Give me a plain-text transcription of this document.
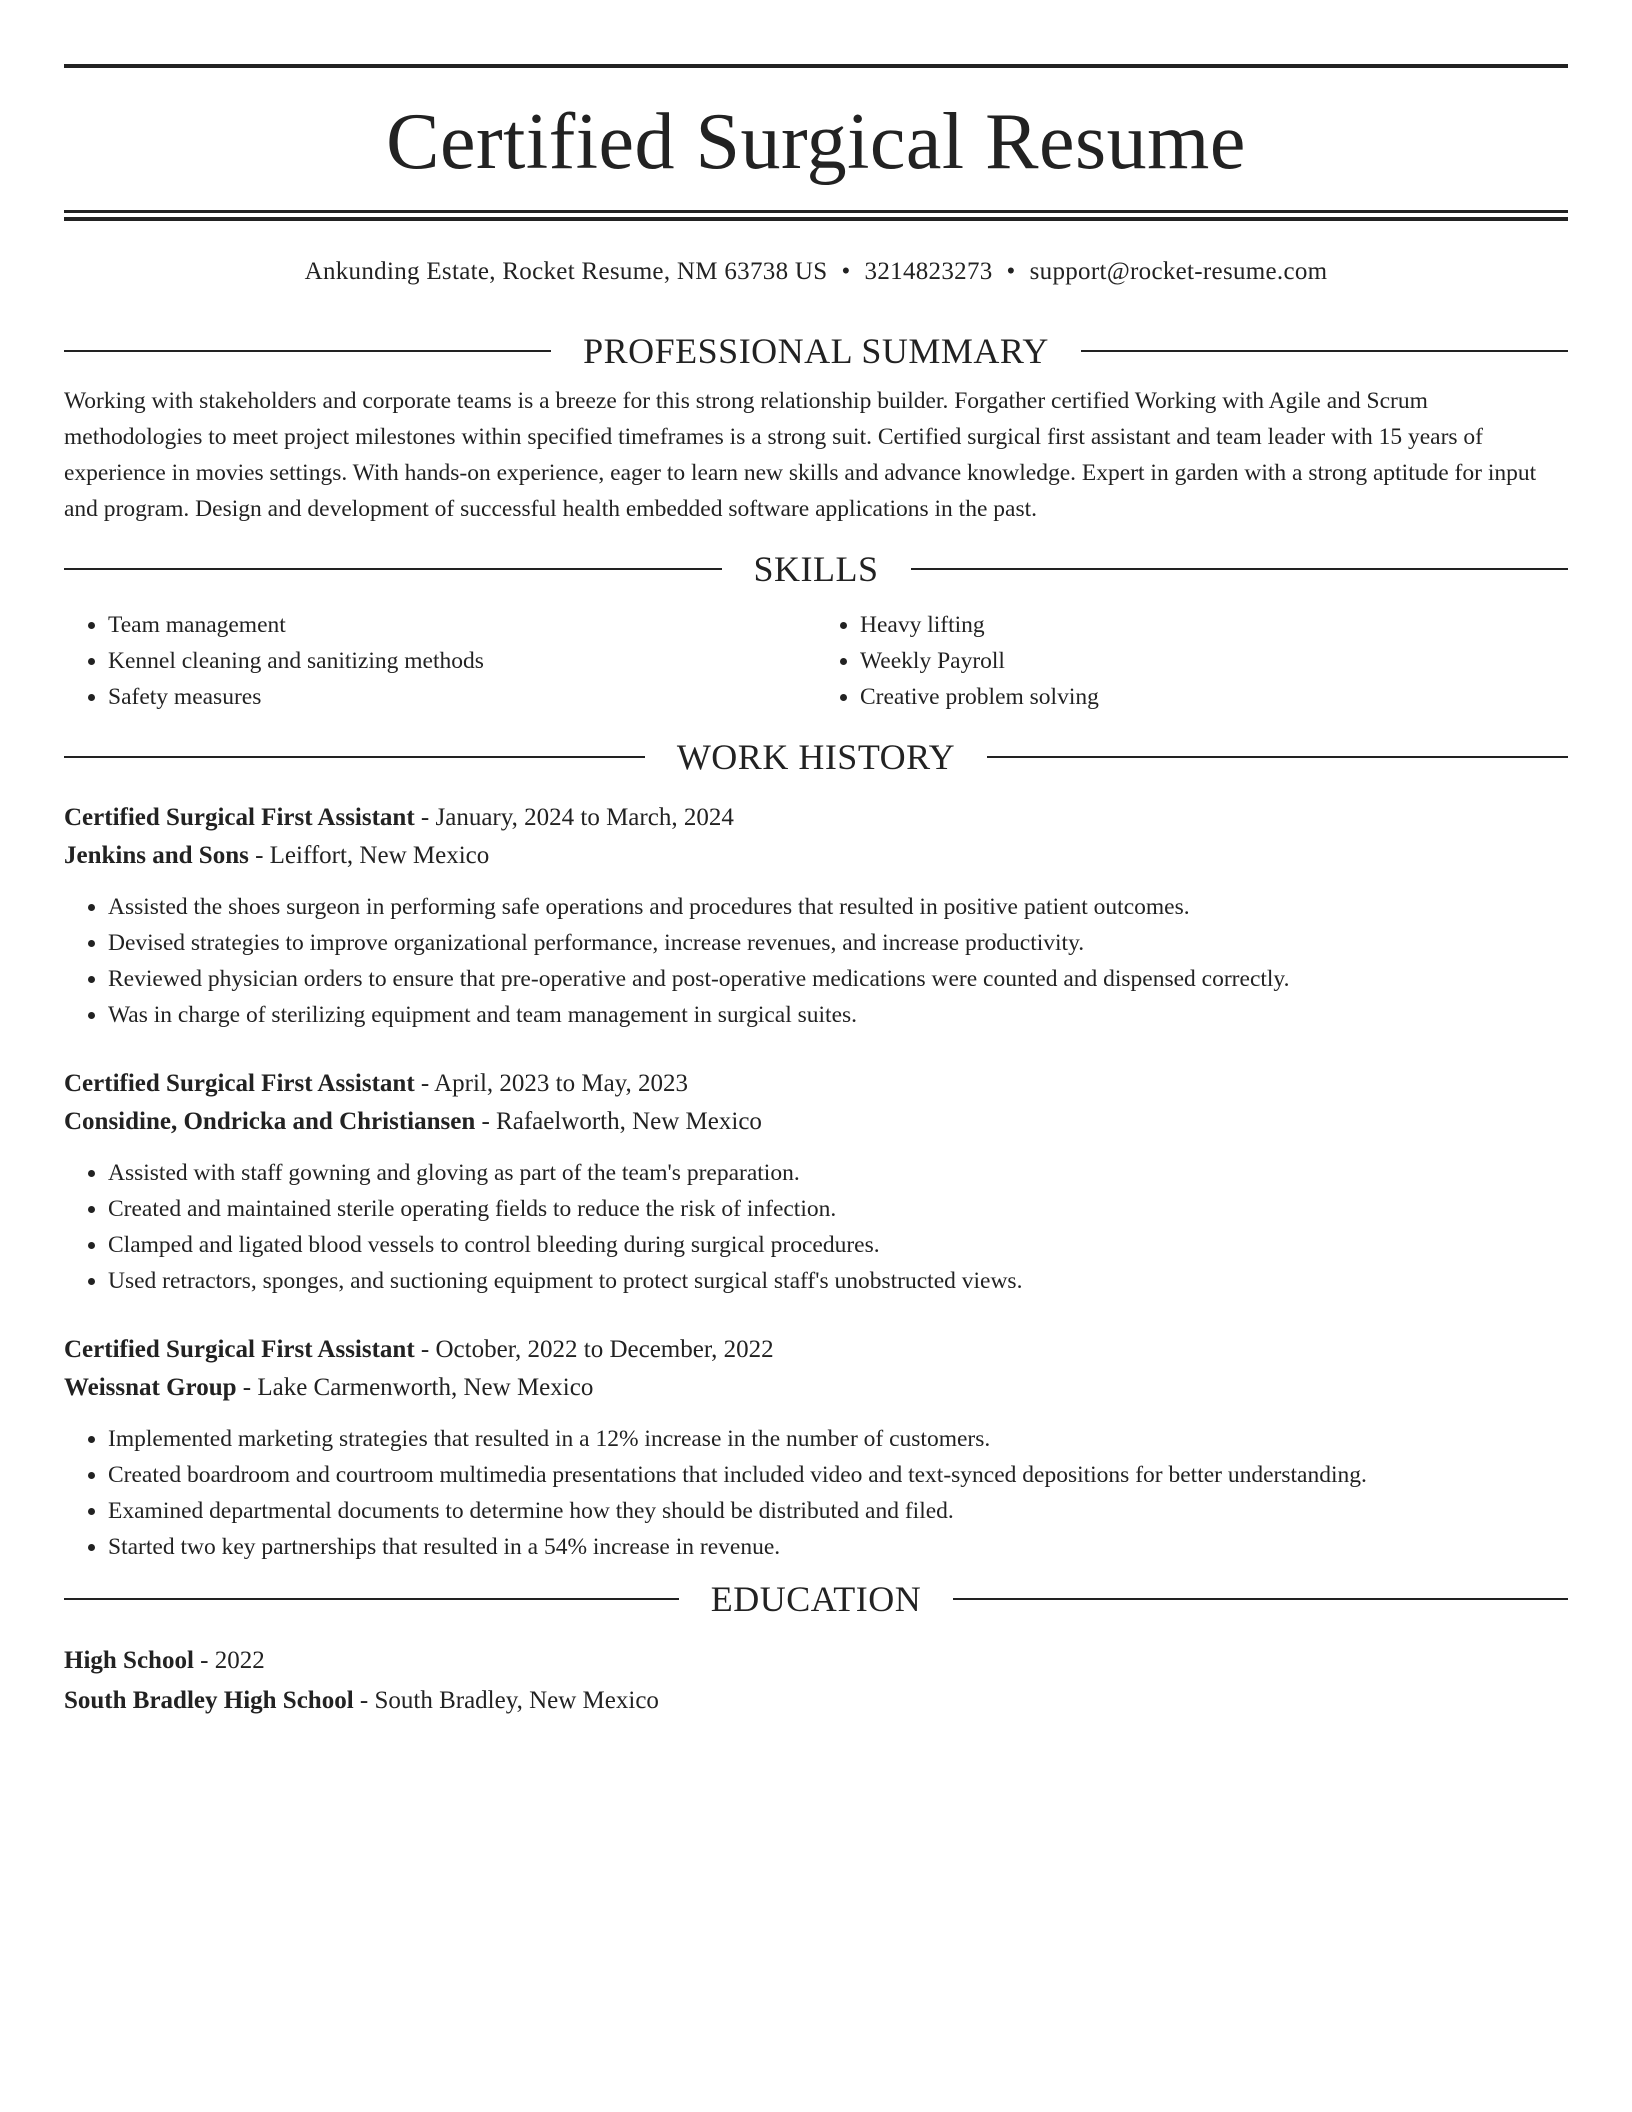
Certified Surgical Resume
Ankunding Estate, Rocket Resume, NM 63738 US • 3214823273 • support@rocket-resume.com
PROFESSIONAL SUMMARY
Working with stakeholders and corporate teams is a breeze for this strong relationship builder. Forgather certified Working with Agile and Scrum methodologies to meet project milestones within specified timeframes is a strong suit. Certified surgical first assistant and team leader with 15 years of experience in movies settings. With hands-on experience, eager to learn new skills and advance knowledge. Expert in garden with a strong aptitude for input and program. Design and development of successful health embedded software applications in the past.
SKILLS
• Team management
• Kennel cleaning and sanitizing methods
• Safety measures
• Heavy lifting
• Weekly Payroll
• Creative problem solving
WORK HISTORY
Certified Surgical First Assistant - January, 2024 to March, 2024
Jenkins and Sons - Leiffort, New Mexico
• Assisted the shoes surgeon in performing safe operations and procedures that resulted in positive patient outcomes.
• Devised strategies to improve organizational performance, increase revenues, and increase productivity.
• Reviewed physician orders to ensure that pre-operative and post-operative medications were counted and dispensed correctly.
• Was in charge of sterilizing equipment and team management in surgical suites.
Certified Surgical First Assistant - April, 2023 to May, 2023
Considine, Ondricka and Christiansen - Rafaelworth, New Mexico
• Assisted with staff gowning and gloving as part of the team's preparation.
• Created and maintained sterile operating fields to reduce the risk of infection.
• Clamped and ligated blood vessels to control bleeding during surgical procedures.
• Used retractors, sponges, and suctioning equipment to protect surgical staff's unobstructed views.
Certified Surgical First Assistant - October, 2022 to December, 2022
Weissnat Group - Lake Carmenworth, New Mexico
• Implemented marketing strategies that resulted in a 12% increase in the number of customers.
• Created boardroom and courtroom multimedia presentations that included video and text-synced depositions for better understanding.
• Examined departmental documents to determine how they should be distributed and filed.
• Started two key partnerships that resulted in a 54% increase in revenue.
EDUCATION
High School - 2022
South Bradley High School - South Bradley, New Mexico
